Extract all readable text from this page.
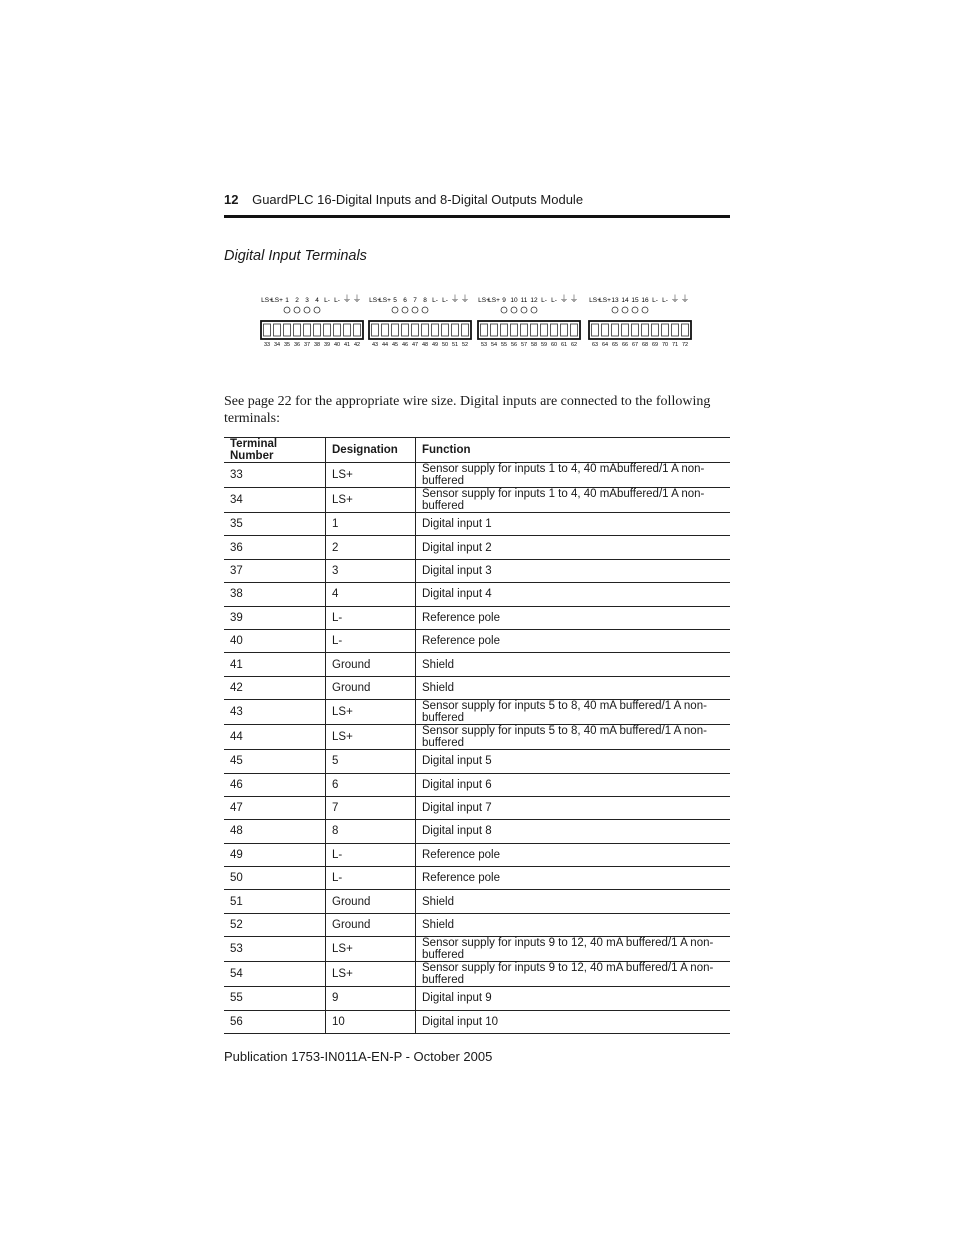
12 GuardPLC 16-Digital Inputs and 8-Digital Outputs Module
Digital Input Terminals
LS+
LS+ 1 2 3 4 L- L- ⏚ ⏚
33 34 35 36 37 38 39 40 41 42
LS+
LS+ 5 6 7 8 L- L- ⏚ ⏚
43 44 45 46 47 48 49 50 51 52
LS+
LS+ 9 10 11 12 L- L- ⏚ ⏚
53 54 55 56 57 58 59 60 61 62
LS+
LS+ 13 14 15 16 L- L- ⏚ ⏚
63 64 65 66 67 68 69 70 71 72
See page 22 for the appropriate wire size. Digital inputs are connected to the following terminals:
Terminal Number	Designation	Function
33	LS+	Sensor supply for inputs 1 to 4, 40 mAbuffered/1 A non-buffered
34	LS+	Sensor supply for inputs 1 to 4, 40 mAbuffered/1 A non-buffered
35	1	Digital input 1
36	2	Digital input 2
37	3	Digital input 3
38	4	Digital input 4
39	L-	Reference pole
40	L-	Reference pole
41	Ground	Shield
42	Ground	Shield
43	LS+	Sensor supply for inputs 5 to 8, 40 mA buffered/1 A non-buffered
44	LS+	Sensor supply for inputs 5 to 8, 40 mA buffered/1 A non-buffered
45	5	Digital input 5
46	6	Digital input 6
47	7	Digital input 7
48	8	Digital input 8
49	L-	Reference pole
50	L-	Reference pole
51	Ground	Shield
52	Ground	Shield
53	LS+	Sensor supply for inputs 9 to 12, 40 mA buffered/1 A non-buffered
54	LS+	Sensor supply for inputs 9 to 12, 40 mA buffered/1 A non-buffered
55	9	Digital input 9
56	10	Digital input 10
Publication 1753-IN011A-EN-P - October 2005
